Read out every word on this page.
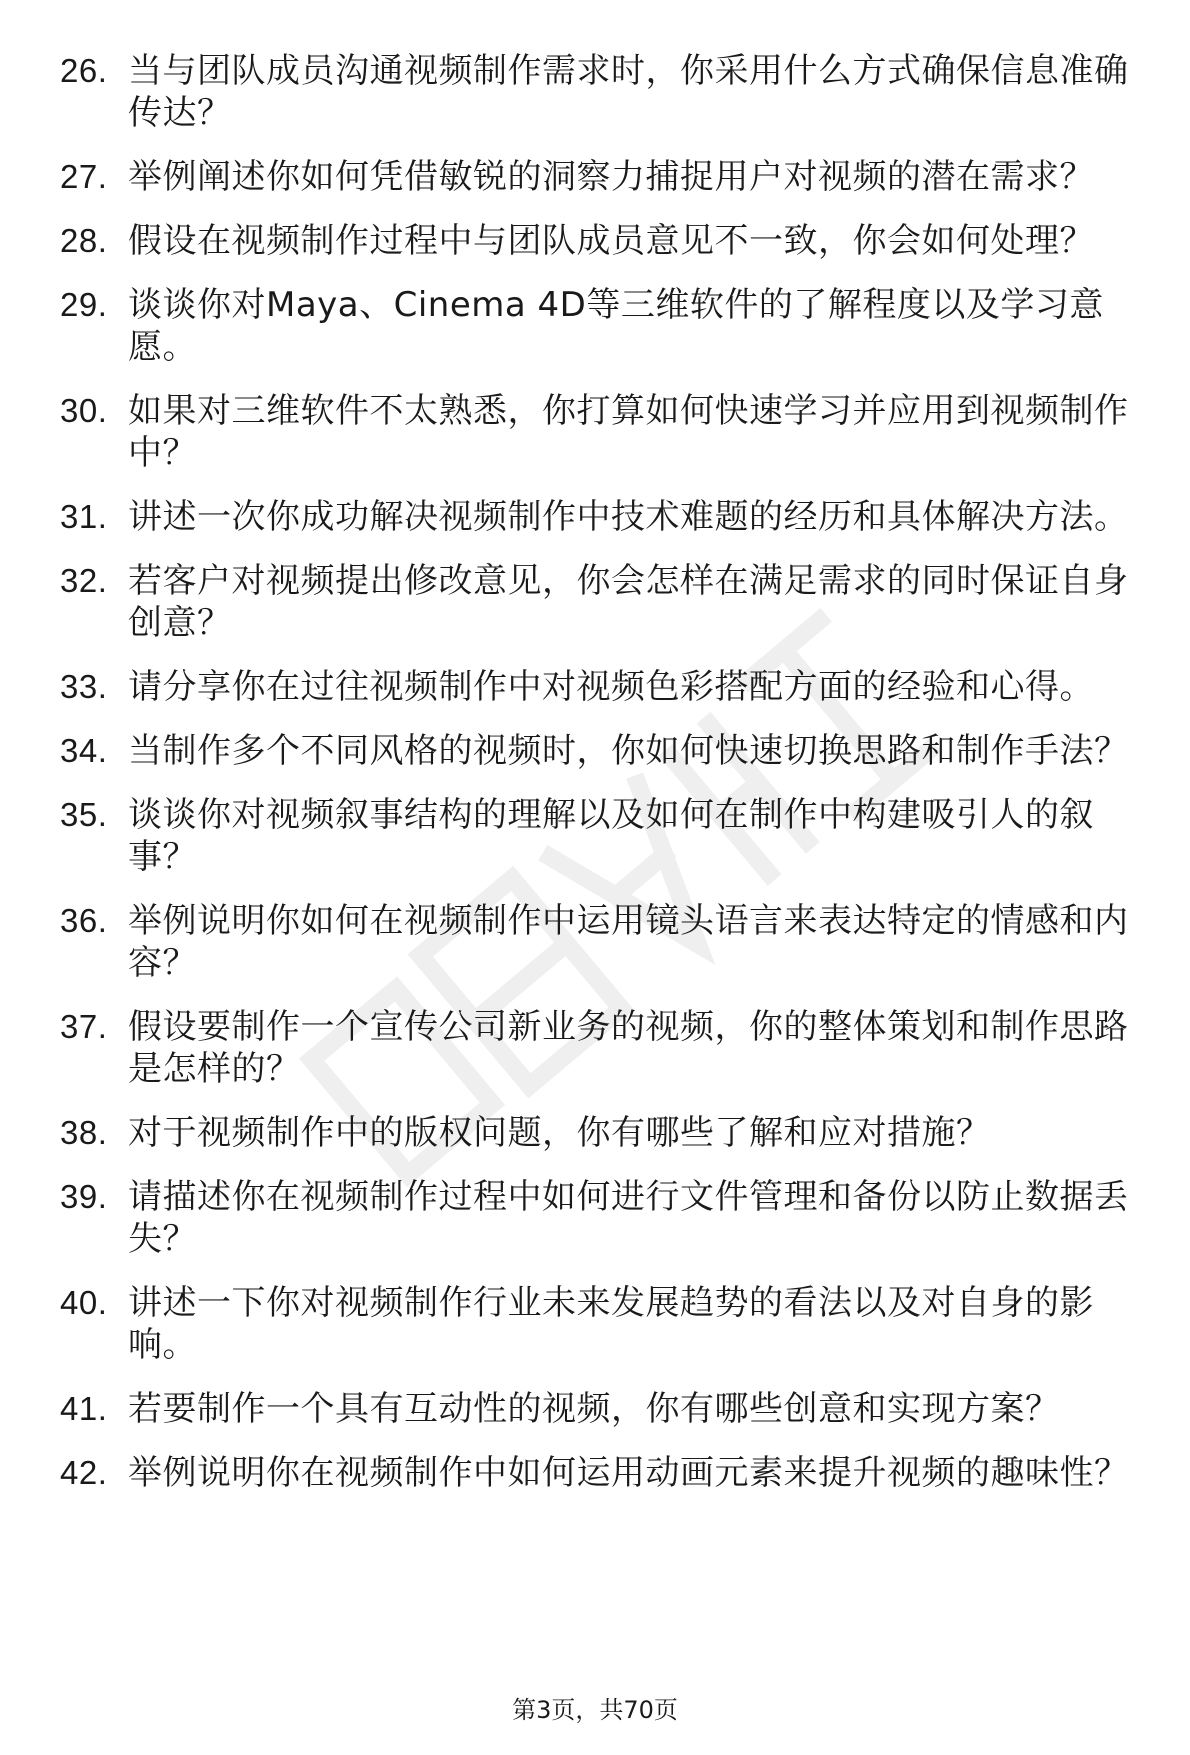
26. 当与团队成员沟通视频制作需求时，你采用什么方式确保信息准确传达？
27. 举例阐述你如何凭借敏锐的洞察力捕捉用户对视频的潜在需求？
28. 假设在视频制作过程中与团队成员意见不一致，你会如何处理？
29. 谈谈你对Maya、Cinema 4D等三维软件的了解程度以及学习意愿。
30. 如果对三维软件不太熟悉，你打算如何快速学习并应用到视频制作中？
31. 讲述一次你成功解决视频制作中技术难题的经历和具体解决方法。
32. 若客户对视频提出修改意见，你会怎样在满足需求的同时保证自身创意？
33. 请分享你在过往视频制作中对视频色彩搭配方面的经验和心得。
34. 当制作多个不同风格的视频时，你如何快速切换思路和制作手法？
35. 谈谈你对视频叙事结构的理解以及如何在制作中构建吸引人的叙事？
36. 举例说明你如何在视频制作中运用镜头语言来表达特定的情感和内容？
37. 假设要制作一个宣传公司新业务的视频，你的整体策划和制作思路是怎样的？
38. 对于视频制作中的版权问题，你有哪些了解和应对措施？
39. 请描述你在视频制作过程中如何进行文件管理和备份以防止数据丢失？
40. 讲述一下你对视频制作行业未来发展趋势的看法以及对自身的影响。
41. 若要制作一个具有互动性的视频，你有哪些创意和实现方案？
42. 举例说明你在视频制作中如何运用动画元素来提升视频的趣味性？
第3页，共70页
